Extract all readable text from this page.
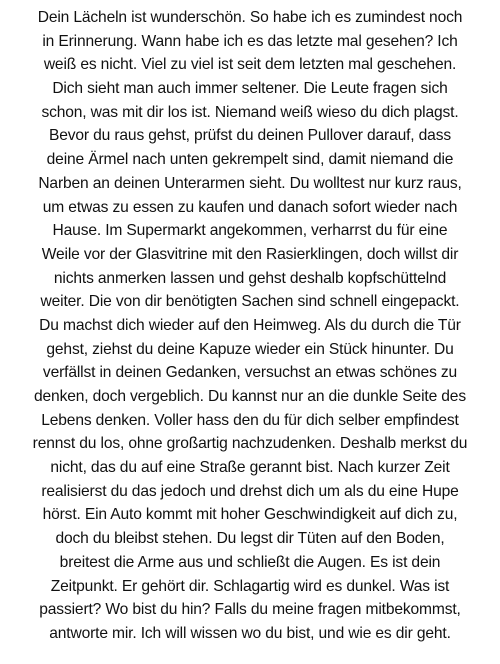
Dein Lächeln ist wunderschön. So habe ich es zumindest noch
in Erinnerung. Wann habe ich es das letzte mal gesehen? Ich
weiß es nicht. Viel zu viel ist seit dem letzten mal geschehen.
Dich sieht man auch immer seltener. Die Leute fragen sich
schon, was mit dir los ist. Niemand weiß wieso du dich plagst.
Bevor du raus gehst, prüfst du deinen Pullover darauf, dass
deine Ärmel nach unten gekrempelt sind, damit niemand die
Narben an deinen Unterarmen sieht. Du wolltest nur kurz raus,
um etwas zu essen zu kaufen und danach sofort wieder nach
Hause. Im Supermarkt angekommen, verharrst du für eine
Weile vor der Glasvitrine mit den Rasierklingen, doch willst dir
nichts anmerken lassen und gehst deshalb kopfschüttelnd
weiter. Die von dir benötigten Sachen sind schnell eingepackt.
Du machst dich wieder auf den Heimweg. Als du durch die Tür
gehst, ziehst du deine Kapuze wieder ein Stück hinunter. Du
verfällst in deinen Gedanken, versuchst an etwas schönes zu
denken, doch vergeblich. Du kannst nur an die dunkle Seite des
Lebens denken. Voller hass den du für dich selber empfindest
rennst du los, ohne großartig nachzudenken. Deshalb merkst du
nicht, das du auf eine Straße gerannt bist. Nach kurzer Zeit
realisierst du das jedoch und drehst dich um als du eine Hupe
hörst. Ein Auto kommt mit hoher Geschwindigkeit auf dich zu,
doch du bleibst stehen. Du legst dir Tüten auf den Boden,
breitest die Arme aus und schließt die Augen. Es ist dein
Zeitpunkt. Er gehört dir. Schlagartig wird es dunkel. Was ist
passiert? Wo bist du hin? Falls du meine fragen mitbekommst,
antworte mir. Ich will wissen wo du bist, und wie es dir geht.
